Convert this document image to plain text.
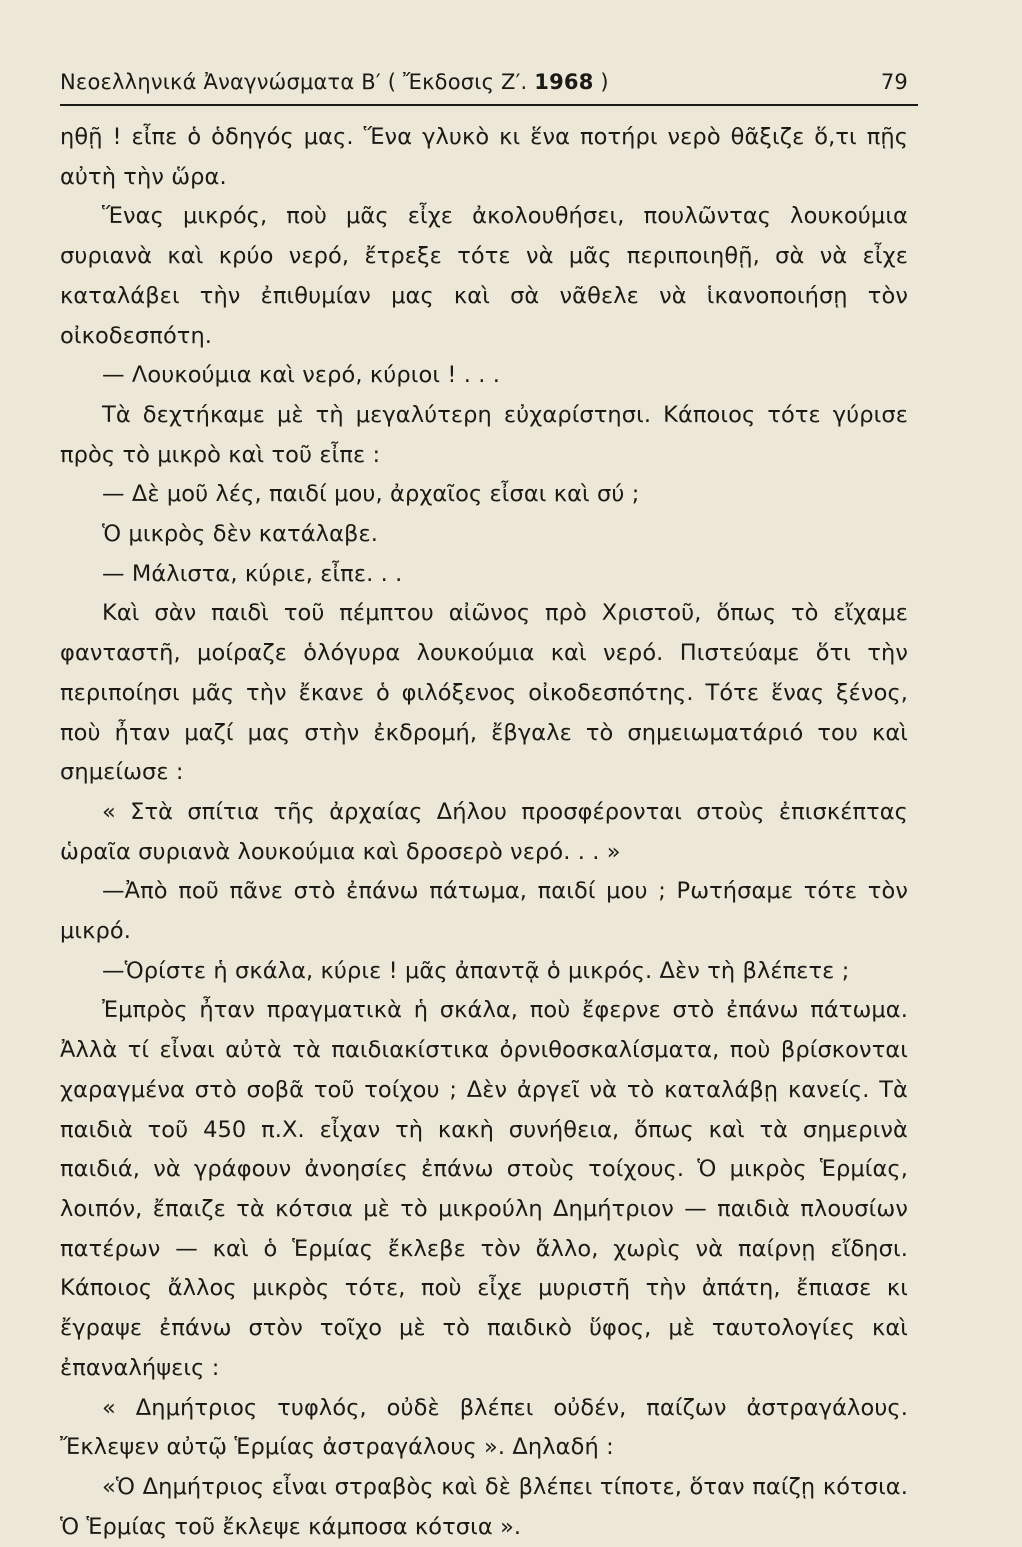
Νεοελληνικά Ἀναγνώσματα Β′ ( Ἔκδοσις Ζ′. 1968 )	79

ηθῇ ! εἶπε ὁ ὁδηγός μας. Ἕνα γλυκὸ κι ἕνα ποτήρι νερὸ θᾶξιζε ὅ,τι πῇς αὐτὴ τὴν ὥρα.

Ἕνας μικρός, ποὺ μᾶς εἶχε ἀκολουθήσει, πουλῶντας λουκούμια συριανὰ καὶ κρύο νερό, ἔτρεξε τότε νὰ μᾶς περιποιηθῇ, σὰ νὰ εἶχε καταλάβει τὴν ἐπιθυμίαν μας καὶ σὰ νᾶθελε νὰ ἱκανοποιήσῃ τὸν οἰκοδεσπότη.

— Λουκούμια καὶ νερό, κύριοι ! . . .

Τὰ δεχτήκαμε μὲ τὴ μεγαλύτερη εὐχαρίστησι. Κάποιος τότε γύρισε πρὸς τὸ μικρὸ καὶ τοῦ εἶπε :

— Δὲ μοῦ λές, παιδί μου, ἀρχαῖος εἶσαι καὶ σύ ;

Ὁ μικρὸς δὲν κατάλαβε.

— Μάλιστα, κύριε, εἶπε. . .

Καὶ σὰν παιδὶ τοῦ πέμπτου αἰῶνος πρὸ Χριστοῦ, ὅπως τὸ εἴχαμε φανταστῆ, μοίραζε ὁλόγυρα λουκούμια καὶ νερό. Πιστεύαμε ὅτι τὴν περιποίησι μᾶς τὴν ἔκανε ὁ φιλόξενος οἰκοδεσπότης. Τότε ἕνας ξένος, ποὺ ἦταν μαζί μας στὴν ἐκδρομή, ἔβγαλε τὸ σημειωματάριό του καὶ σημείωσε :

« Στὰ σπίτια τῆς ἀρχαίας Δήλου προσφέρονται στοὺς ἐπισκέπτας ὡραῖα συριανὰ λουκούμια καὶ δροσερὸ νερό. . . »

—Ἀπὸ ποῦ πᾶνε στὸ ἐπάνω πάτωμα, παιδί μου ; Ρωτήσαμε τότε τὸν μικρό.

—Ὁρίστε ἡ σκάλα, κύριε ! μᾶς ἀπαντᾷ ὁ μικρός. Δὲν τὴ βλέπετε ;

Ἐμπρὸς ἦταν πραγματικὰ ἡ σκάλα, ποὺ ἔφερνε στὸ ἐπάνω πάτωμα. Ἀλλὰ τί εἶναι αὐτὰ τὰ παιδιακίστικα ὀρνιθοσκαλίσματα, ποὺ βρίσκονται χαραγμένα στὸ σοβᾶ τοῦ τοίχου ; Δὲν ἀργεῖ νὰ τὸ καταλάβῃ κανείς. Τὰ παιδιὰ τοῦ 450 π.Χ. εἶχαν τὴ κακὴ συνήθεια, ὅπως καὶ τὰ σημερινὰ παιδιά, νὰ γράφουν ἀνοησίες ἐπάνω στοὺς τοίχους. Ὁ μικρὸς Ἑρμίας, λοιπόν, ἔπαιζε τὰ κότσια μὲ τὸ μικρούλη Δημήτριον — παιδιὰ πλουσίων πατέρων — καὶ ὁ Ἑρμίας ἔκλεβε τὸν ἄλλο, χωρὶς νὰ παίρνῃ εἴδησι. Κάποιος ἄλλος μικρὸς τότε, ποὺ εἶχε μυριστῆ τὴν ἀπάτη, ἔπιασε κι ἔγραψε ἐπάνω στὸν τοῖχο μὲ τὸ παιδικὸ ὕφος, μὲ ταυτολογίες καὶ ἐπαναλήψεις :

« Δημήτριος τυφλός, οὐδὲ βλέπει οὐδέν, παίζων ἀστραγάλους. Ἔκλεψεν αὐτῷ Ἑρμίας ἀστραγάλους ». Δηλαδή :

«Ὁ Δημήτριος εἶναι στραβὸς καὶ δὲ βλέπει τίποτε, ὅταν παίζῃ κότσια. Ὁ Ἑρμίας τοῦ ἔκλεψε κάμποσα κότσια ».
